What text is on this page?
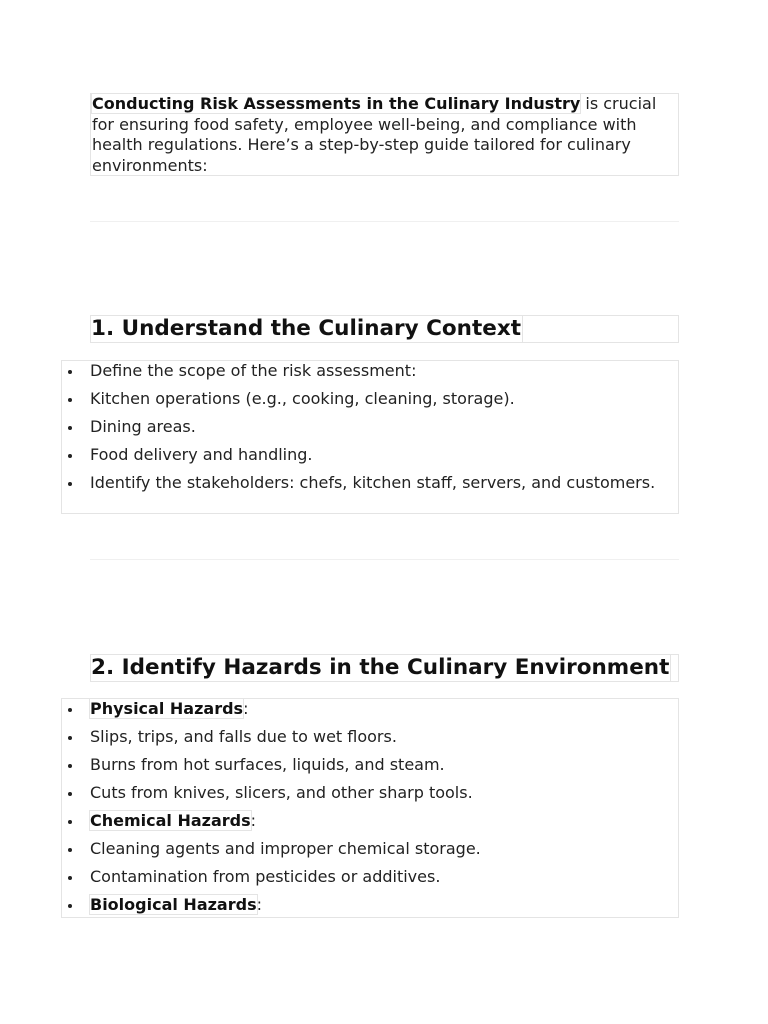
Conducting Risk Assessments in the Culinary Industry is crucial for ensuring food safety, employee well-being, and compliance with health regulations. Here’s a step-by-step guide tailored for culinary environments:
1. Understand the Culinary Context
Define the scope of the risk assessment:
Kitchen operations (e.g., cooking, cleaning, storage).
Dining areas.
Food delivery and handling.
Identify the stakeholders: chefs, kitchen staff, servers, and customers.
2. Identify Hazards in the Culinary Environment
Physical Hazards:
Slips, trips, and falls due to wet floors.
Burns from hot surfaces, liquids, and steam.
Cuts from knives, slicers, and other sharp tools.
Chemical Hazards:
Cleaning agents and improper chemical storage.
Contamination from pesticides or additives.
Biological Hazards:
